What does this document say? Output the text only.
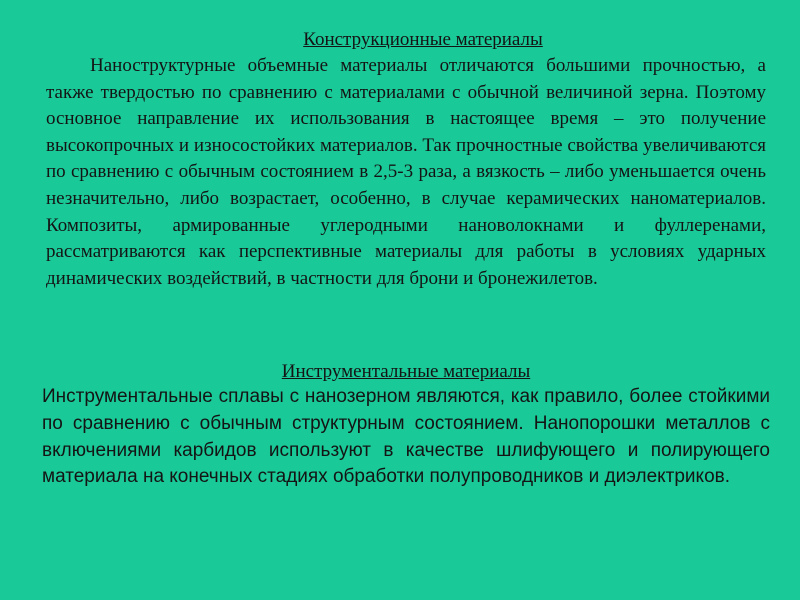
Конструкционные материалы

Наноструктурные объемные материалы отличаются большими прочностью, а также твердостью по сравнению с материалами с обычной величиной зерна. Поэтому основное направление их использования в настоящее время – это получение высокопрочных и износостойких материалов. Так прочностные свойства увеличиваются по сравнению с обычным состоянием в 2,5-3 раза, а вязкость – либо уменьшается очень незначительно, либо возрастает, особенно, в случае керамических наноматериалов. Композиты, армированные углеродными нановолокнами и фуллеренами, рассматриваются как перспективные материалы для работы в условиях ударных динамических воздействий, в частности для брони и бронежилетов.

Инструментальные материалы

Инструментальные сплавы с нанозерном являются, как правило, более стойкими по сравнению с обычным структурным состоянием. Нанопорошки металлов с включениями карбидов используют в качестве шлифующего и полирующего материала на конечных стадиях обработки полупроводников и диэлектриков.
